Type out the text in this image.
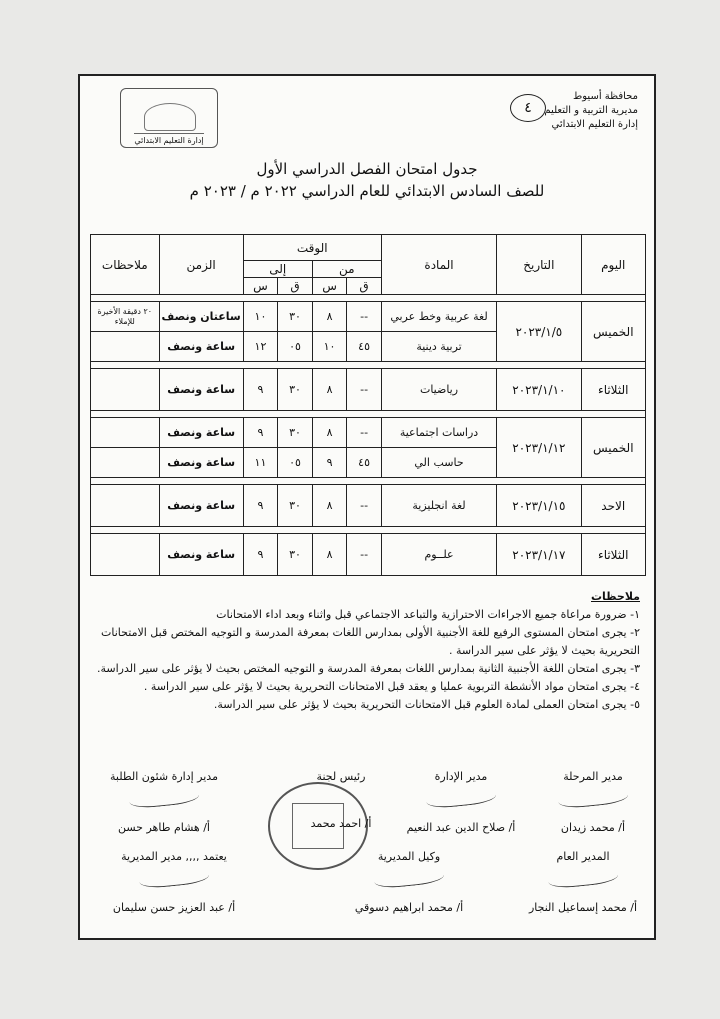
محافظة أسيوط
مديرية التربية و التعليم
إدارة التعليم الابتدائي
٤
إدارة التعليم الابتدائي
جدول امتحان الفصل الدراسي الأول
للصف السادس الابتدائي للعام الدراسي ٢٠٢٢ م / ٢٠٢٣ م
اليوم	التاريخ	المادة	الوقت				الزمن	ملاحظات
			من		إلى			
			ق	س	ق	س		

الخميس	٢٠٢٣/١/٥	لغة عربية وخط عربي	--	٨	٣٠	١٠	ساعتان ونصف	٢٠ دقيقة الأخيرة للإملاء
		تربية دينية	٤٥	١٠	٠٥	١٢	ساعة ونصف	

الثلاثاء	٢٠٢٣/١/١٠	رياضيات	--	٨	٣٠	٩	ساعة ونصف	

الخميس	٢٠٢٣/١/١٢	دراسات اجتماعية	--	٨	٣٠	٩	ساعة ونصف	
		حاسب الي	٤٥	٩	٠٥	١١	ساعة ونصف	

الاحد	٢٠٢٣/١/١٥	لغة انجليزية	--	٨	٣٠	٩	ساعة ونصف	

الثلاثاء	٢٠٢٣/١/١٧	علــوم	--	٨	٣٠	٩	ساعة ونصف	
ملاحظات
١- ضرورة مراعاة جميع الاجراءات الاحترازية والتباعد الاجتماعي قبل واثناء وبعد اداء الامتحانات
٢- يجرى امتحان المستوى الرفيع للغة الأجنبية الأولى بمدارس اللغات بمعرفة المدرسة و التوجيه المختص قبل الامتحانات التحريرية بحيث لا يؤثر على سير الدراسة .
٣- يجرى امتحان اللغة الأجنبية الثانية بمدارس اللغات بمعرفة المدرسة و التوجيه المختص بحيث لا يؤثر على سير الدراسة.
٤- يجرى امتحان مواد الأنشطة التربوية عمليا و يعقد قبل الامتحانات التحريرية بحيث لا يؤثر على سير الدراسة .
٥- يجرى امتحان العملى لمادة العلوم قبل الامتحانات التحريرية بحيث لا يؤثر على سير الدراسة.
مدير المرحلة
أ/ محمد زيدان
مدير الإدارة
أ/ صلاح الدين عبد النعيم
رئيس لجنة
أ/ احمد محمد
مدير إدارة شئون الطلبة
أ/ هشام طاهر حسن
المدير العام
أ/ محمد إسماعيل النجار
وكيل المديرية
أ/ محمد ابراهيم دسوقي
يعتمد ,,,, مدير المديرية
أ/ عبد العزيز حسن سليمان
